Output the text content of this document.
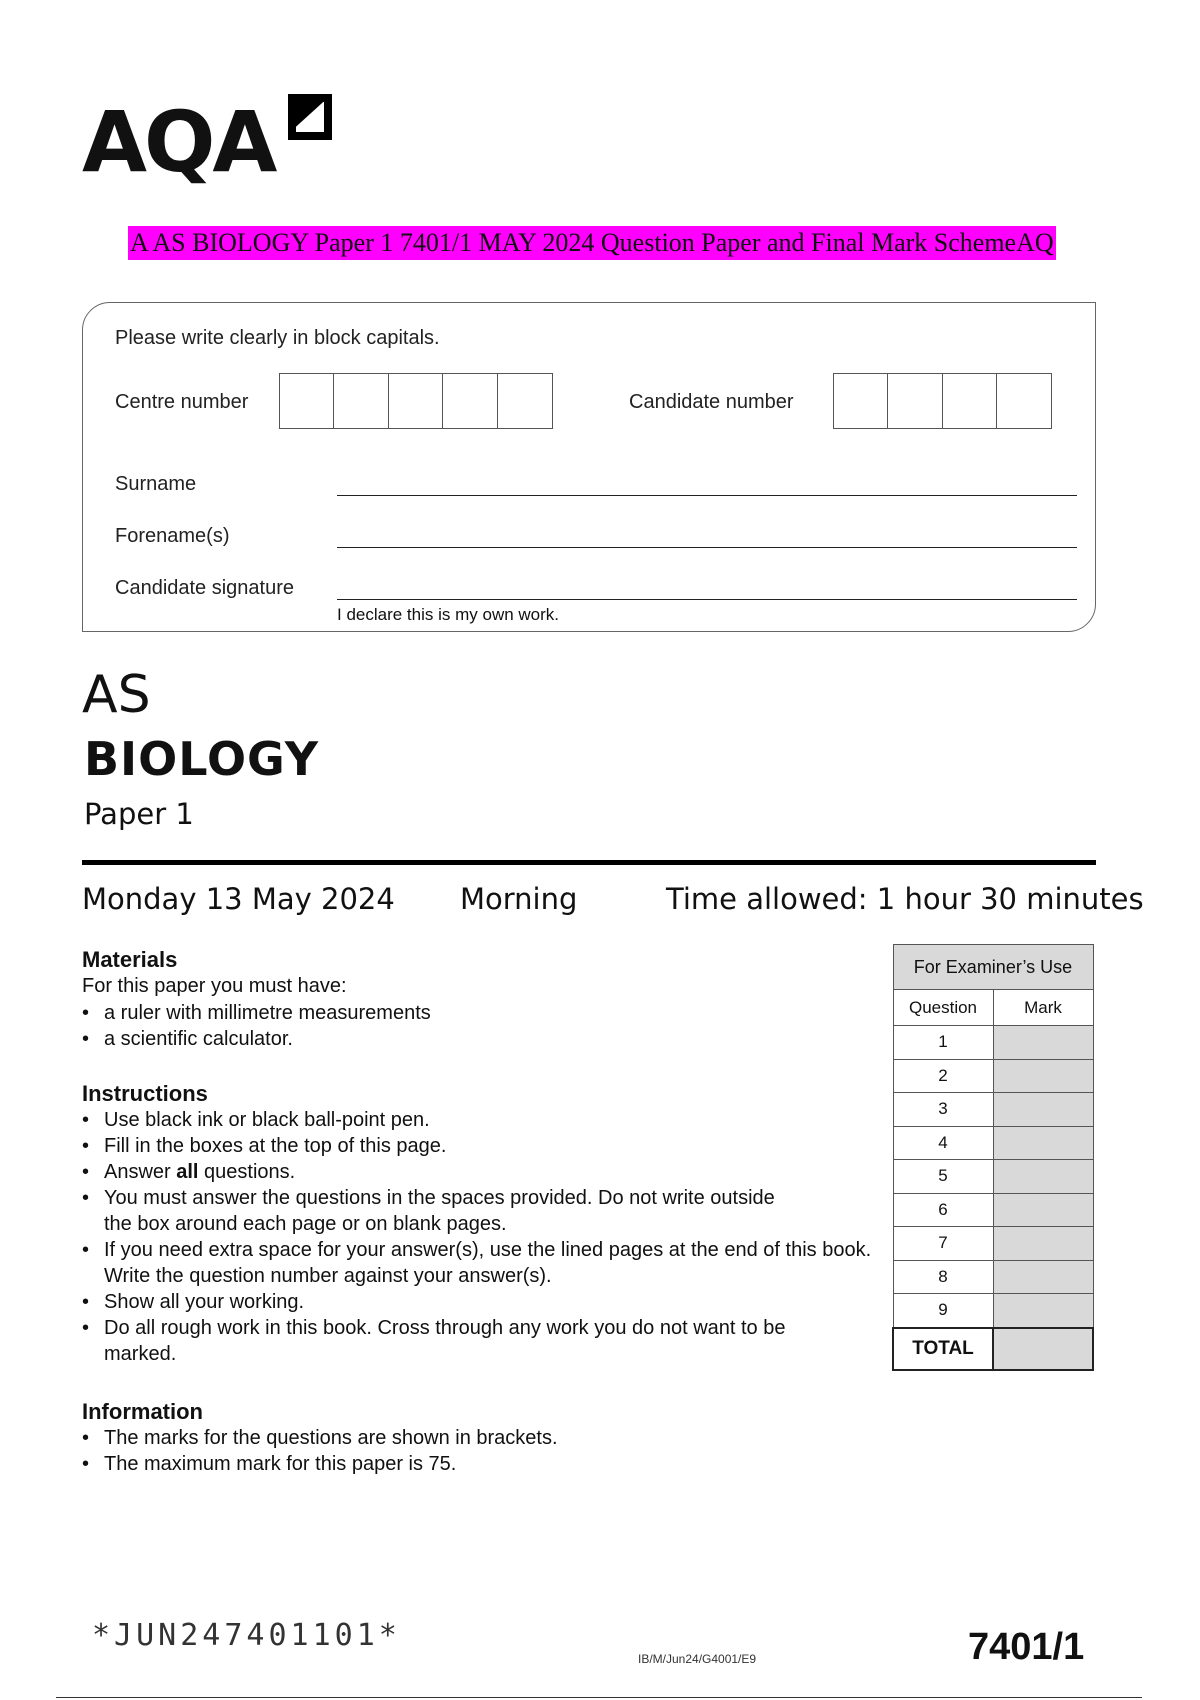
AQA
A AS BIOLOGY Paper 1 7401/1 MAY 2024 Question Paper and Final Mark SchemeAQ
Please write clearly in block capitals.
Centre number	Candidate number
Surname
Forename(s)
Candidate signature
I declare this is my own work.
AS
BIOLOGY
Paper 1
Monday 13 May 2024 Morning	Time allowed: 1 hour 30 minutes
Materials
For this paper you must have:
• a ruler with millimetre measurements
• a scientific calculator.
Instructions
• Use black ink or black ball-point pen.
• Fill in the boxes at the top of this page.
• Answer all questions.
• You must answer the questions in the spaces provided. Do not write outside the box around each page or on blank pages.
• If you need extra space for your answer(s), use the lined pages at the end of this book. Write the question number against your answer(s).
• Show all your working.
• Do all rough work in this book. Cross through any work you do not want to be marked.
Information
• The marks for the questions are shown in brackets.
• The maximum mark for this paper is 75.
For Examiner’s Use	
Question	Mark
1	
2	
3	
4	
5	
6	
7	
8	
9	
TOTAL	
*JUN247401101*
IB/M/Jun24/G4001/E9	7401/1
